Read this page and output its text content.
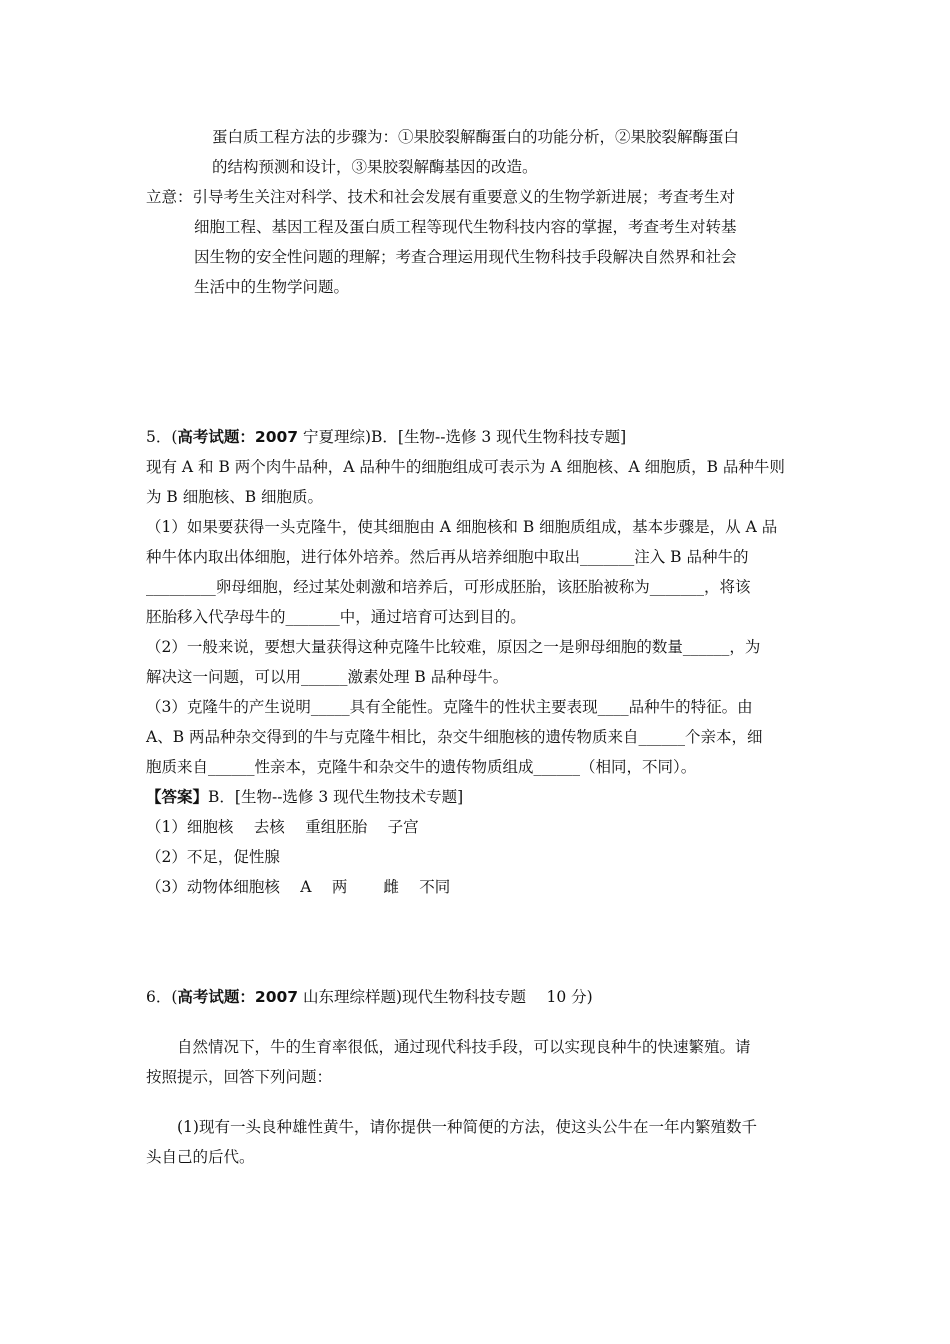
蛋白质工程方法的步骤为：①果胶裂解酶蛋白的功能分析，②果胶裂解酶蛋白
的结构预测和设计，③果胶裂解酶基因的改造。
立意：引导考生关注对科学、技术和社会发展有重要意义的生物学新进展；考查考生对
细胞工程、基因工程及蛋白质工程等现代生物科技内容的掌握，考查考生对转基
因生物的安全性问题的理解；考查合理运用现代生物科技手段解决自然界和社会
生活中的生物学问题。
5．(高考试题：2007 宁夏理综)B．[生物--选修 3 现代生物科技专题]
现有 A 和 B 两个肉牛品种，A 品种牛的细胞组成可表示为 A 细胞核、A 细胞质，B 品种牛则
为 B 细胞核、B 细胞质。
（1）如果要获得一头克隆牛，使其细胞由 A 细胞核和 B 细胞质组成，基本步骤是，从 A 品
种牛体内取出体细胞，进行体外培养。然后再从培养细胞中取出_______注入 B 品种牛的
_________卵母细胞，经过某处刺激和培养后，可形成胚胎，该胚胎被称为_______，将该
胚胎移入代孕母牛的_______中，通过培育可达到目的。
（2）一般来说，要想大量获得这种克隆牛比较难，原因之一是卵母细胞的数量______，为
解决这一问题，可以用______激素处理 B 品种母牛。
（3）克隆牛的产生说明_____具有全能性。克隆牛的性状主要表现____品种牛的特征。由
A、B 两品种杂交得到的牛与克隆牛相比，杂交牛细胞核的遗传物质来自______个亲本，细
胞质来自______性亲本，克隆牛和杂交牛的遗传物质组成______（相同，不同）。
【答案】B．[生物--选修 3 现代生物技术专题]
（1）细胞核　 去核　 重组胚胎　 子宫
（2）不足，促性腺
（3）动物体细胞核　 A　 两　　 雌　 不同
6．(高考试题：2007 山东理综样题)现代生物科技专题　 10 分)
　　自然情况下，牛的生育率很低，通过现代科技手段，可以实现良种牛的快速繁殖。请
按照提示，回答下列问题：
　　(1)现有一头良种雄性黄牛，请你提供一种简便的方法，使这头公牛在一年内繁殖数千
头自己的后代。
